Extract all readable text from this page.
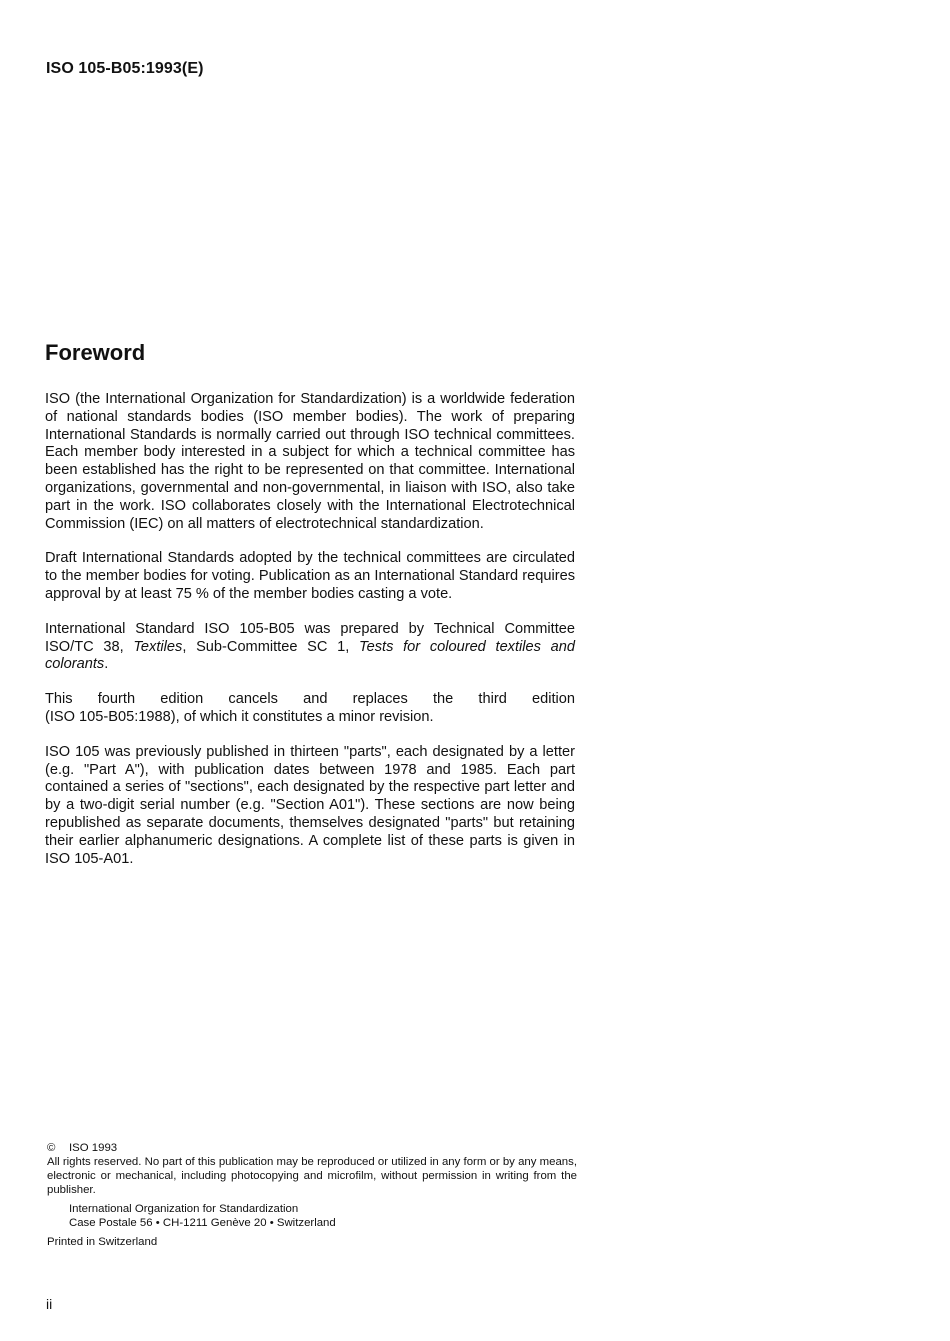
ISO 105-B05:1993(E)
Foreword

ISO (the International Organization for Standardization) is a worldwide federation of national standards bodies (ISO member bodies). The work of preparing International Standards is normally carried out through ISO technical committees. Each member body interested in a subject for which a technical committee has been established has the right to be represented on that committee. International organizations, governmental and non-governmental, in liaison with ISO, also take part in the work. ISO collaborates closely with the International Electrotechnical Commission (IEC) on all matters of electrotechnical standardization.

Draft International Standards adopted by the technical committees are circulated to the member bodies for voting. Publication as an International Standard requires approval by at least 75 % of the member bodies casting a vote.

International Standard ISO 105-B05 was prepared by Technical Committee ISO/TC 38, Textiles, Sub-Committee SC 1, Tests for coloured textiles and colorants.

This fourth edition cancels and replaces the third edition
(ISO 105-B05:1988), of which it constitutes a minor revision.

ISO 105 was previously published in thirteen "parts", each designated by a letter (e.g. "Part A"), with publication dates between 1978 and 1985. Each part contained a series of "sections", each designated by the respective part letter and by a two-digit serial number (e.g. "Section A01"). These sections are now being republished as separate documents, themselves designated "parts" but retaining their earlier alphanumeric designations. A complete list of these parts is given in ISO 105-A01.

© ISO 1993
All rights reserved. No part of this publication may be reproduced or utilized in any form or by any means, electronic or mechanical, including photocopying and microfilm, without permission in writing from the publisher.
International Organization for Standardization
Case Postale 56 • CH-1211 Genève 20 • Switzerland
Printed in Switzerland
ii
